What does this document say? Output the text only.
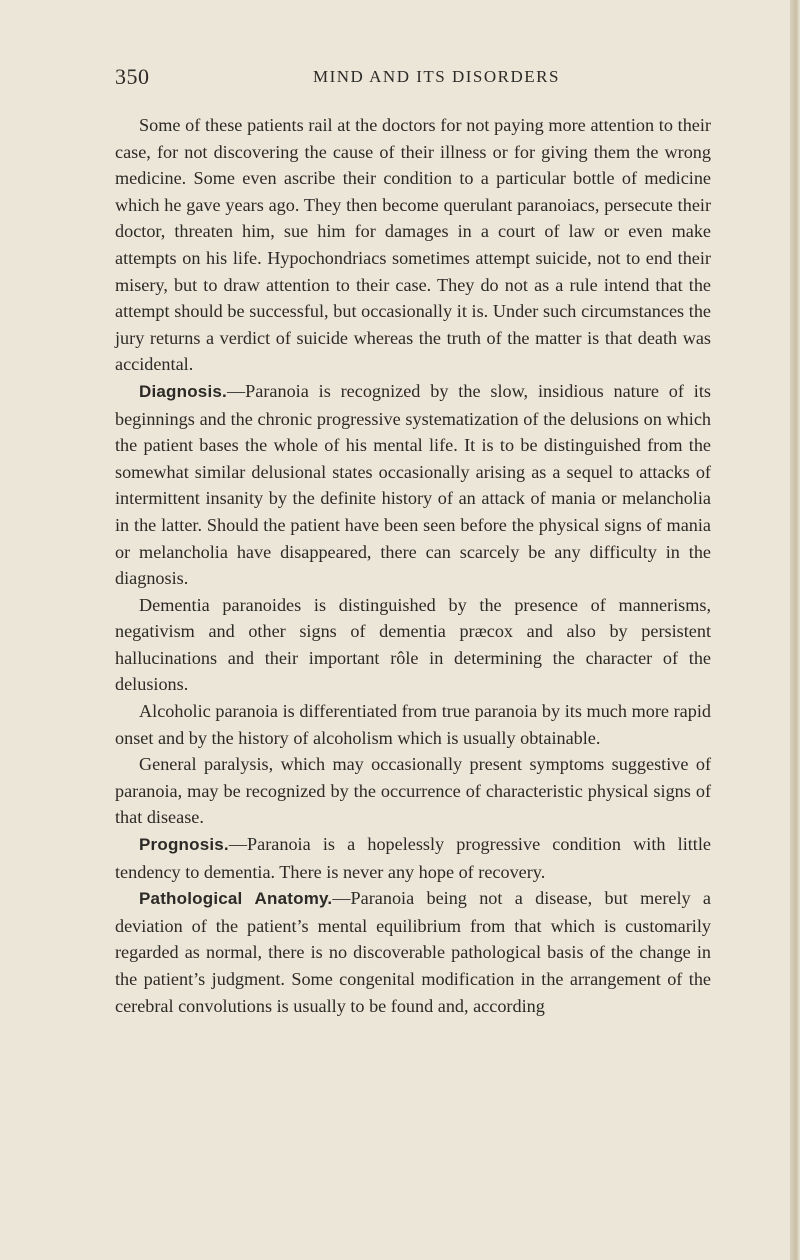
350	MIND AND ITS DISORDERS

Some of these patients rail at the doctors for not paying more attention to their case, for not discovering the cause of their illness or for giving them the wrong medicine. Some even ascribe their condition to a particular bottle of medicine which he gave years ago. They then become querulant paranoiacs, persecute their doctor, threaten him, sue him for damages in a court of law or even make attempts on his life. Hypochondriacs sometimes attempt suicide, not to end their misery, but to draw attention to their case. They do not as a rule intend that the attempt should be successful, but occasionally it is. Under such circumstances the jury returns a verdict of suicide whereas the truth of the matter is that death was accidental.

Diagnosis.—Paranoia is recognized by the slow, insidious nature of its beginnings and the chronic progressive systematization of the delusions on which the patient bases the whole of his mental life. It is to be distinguished from the somewhat similar delusional states occasionally arising as a sequel to attacks of intermittent insanity by the definite history of an attack of mania or melancholia in the latter. Should the patient have been seen before the physical signs of mania or melancholia have disappeared, there can scarcely be any difficulty in the diagnosis.

Dementia paranoides is distinguished by the presence of mannerisms, negativism and other signs of dementia præcox and also by persistent hallucinations and their important rôle in determining the character of the delusions.

Alcoholic paranoia is differentiated from true paranoia by its much more rapid onset and by the history of alcoholism which is usually obtainable.

General paralysis, which may occasionally present symptoms suggestive of paranoia, may be recognized by the occurrence of characteristic physical signs of that disease.

Prognosis.—Paranoia is a hopelessly progressive condition with little tendency to dementia. There is never any hope of recovery.

Pathological Anatomy.—Paranoia being not a disease, but merely a deviation of the patient’s mental equilibrium from that which is customarily regarded as normal, there is no discoverable pathological basis of the change in the patient’s judgment. Some congenital modification in the arrangement of the cerebral convolutions is usually to be found and, according
